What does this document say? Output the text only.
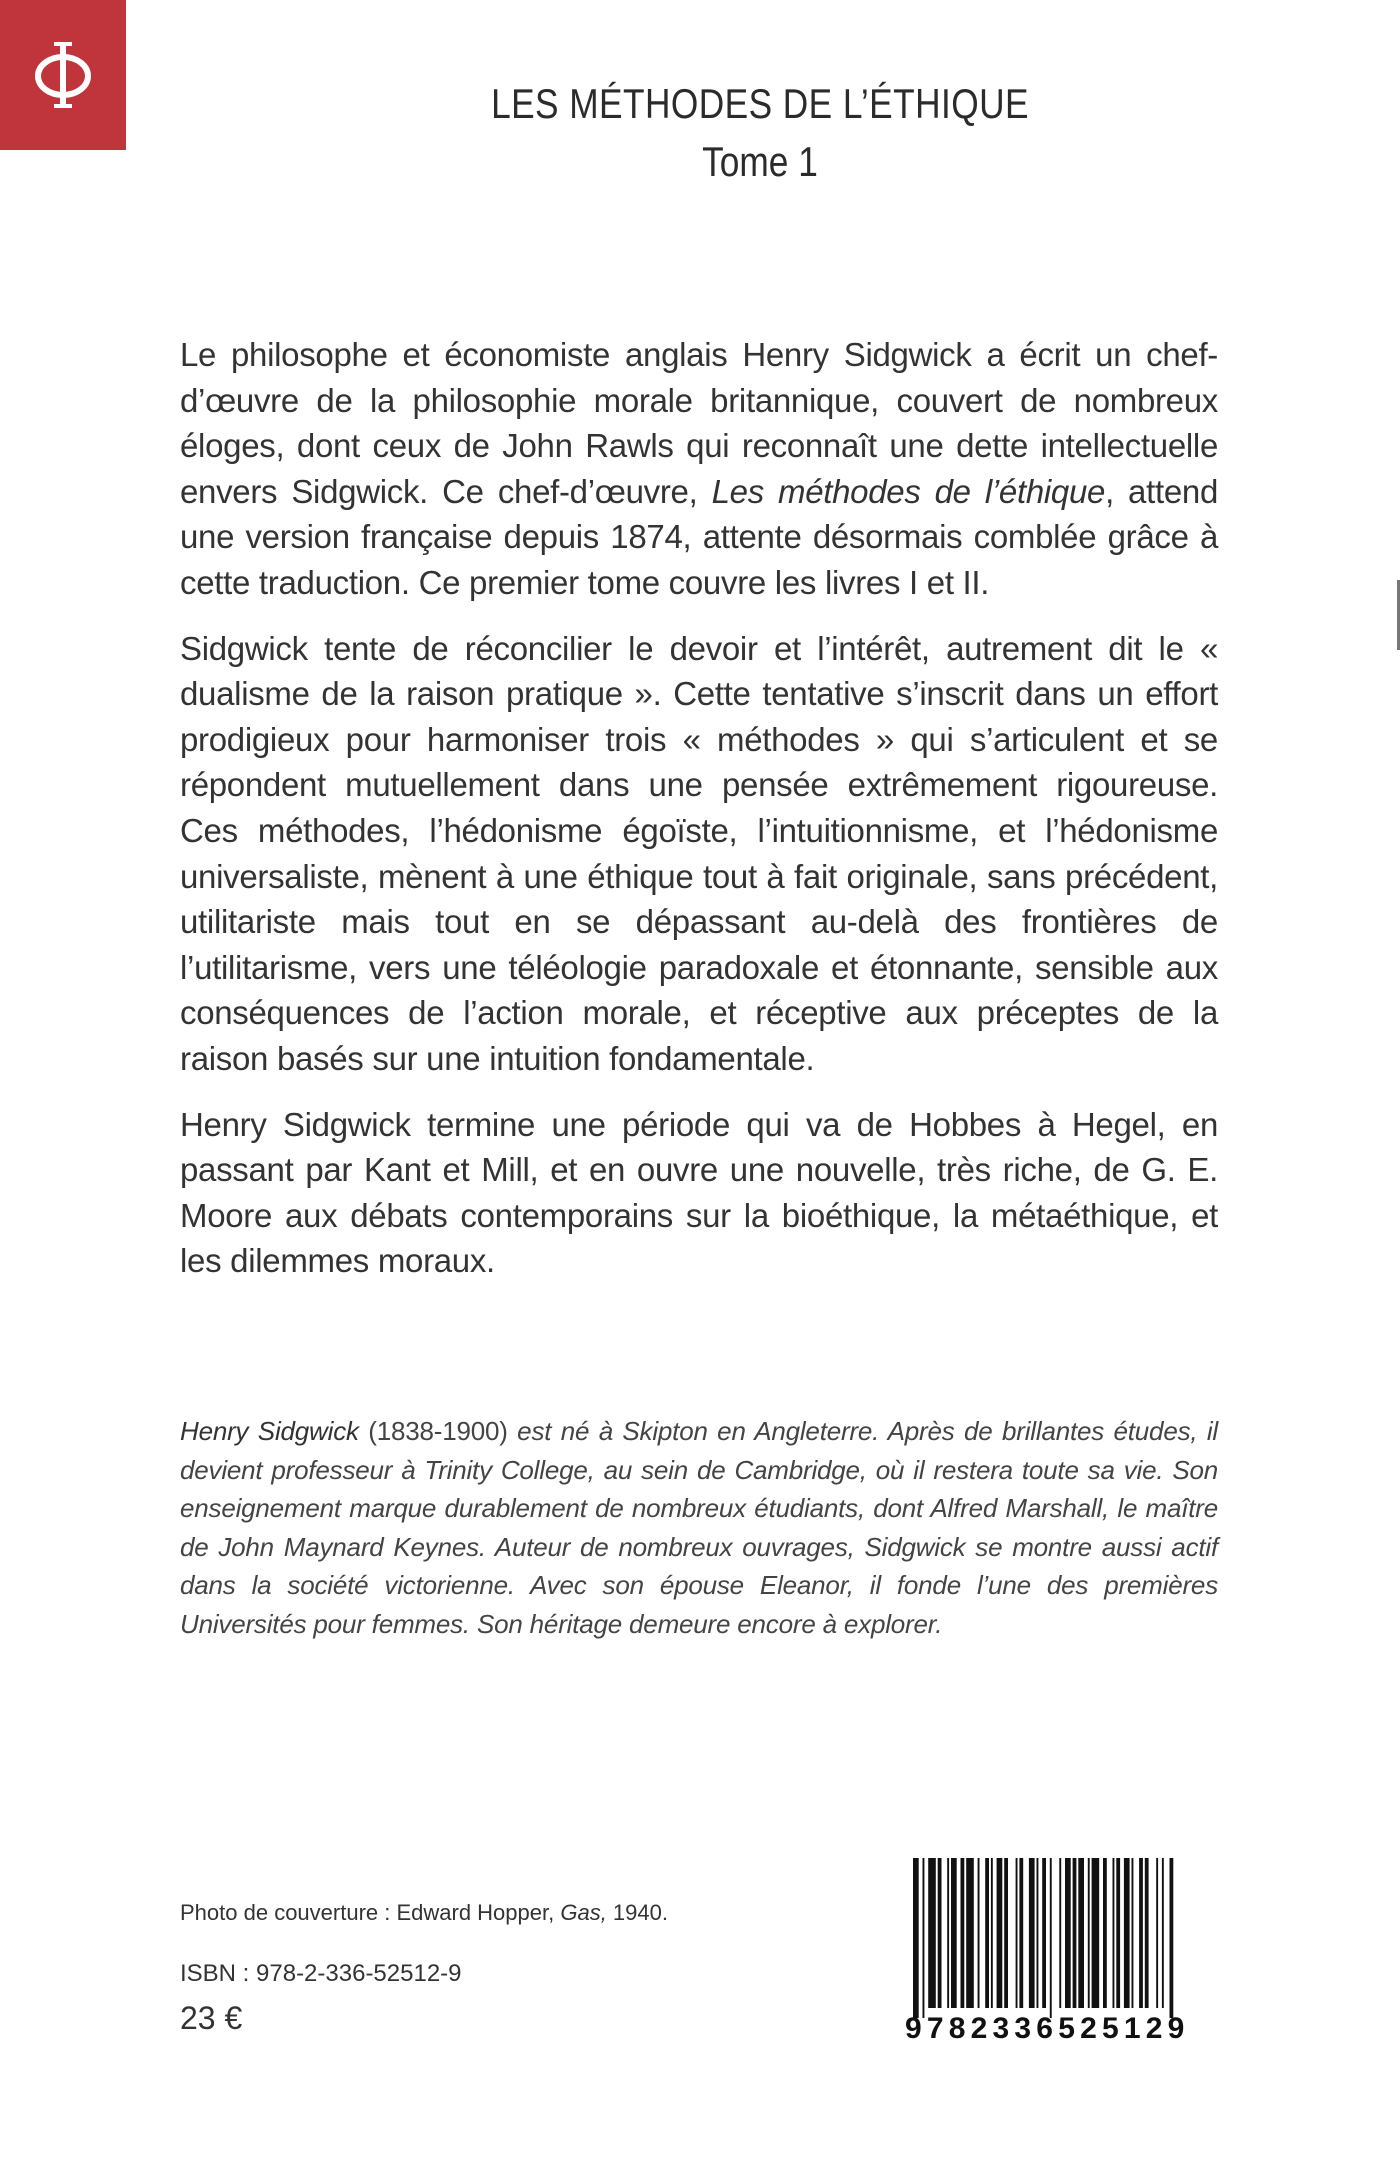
LES MÉTHODES DE L’ÉTHIQUE
Tome 1

Le philosophe et économiste anglais Henry Sidgwick a écrit un chef-d’œuvre de la philosophie morale britannique, couvert de nombreux éloges, dont ceux de John Rawls qui reconnaît une dette intellectuelle envers Sidgwick. Ce chef-d’œuvre, Les méthodes de l’éthique, attend une version française depuis 1874, attente désormais comblée grâce à cette traduction. Ce premier tome couvre les livres I et II.

Sidgwick tente de réconcilier le devoir et l’intérêt, autrement dit le « dualisme de la raison pratique ». Cette tentative s’inscrit dans un effort prodigieux pour harmoniser trois « méthodes » qui s’articulent et se répondent mutuellement dans une pensée extrêmement rigoureuse. Ces méthodes, l’hédonisme égoïste, l’intuitionnisme, et l’hédonisme universaliste, mènent à une éthique tout à fait originale, sans précédent, utilitariste mais tout en se dépassant au-delà des frontières de l’utilitarisme, vers une téléologie paradoxale et étonnante, sensible aux conséquences de l’action morale, et réceptive aux préceptes de la raison basés sur une intuition fondamentale.

Henry Sidgwick termine une période qui va de Hobbes à Hegel, en passant par Kant et Mill, et en ouvre une nouvelle, très riche, de G. E. Moore aux débats contemporains sur la bioéthique, la métaéthique, et les dilemmes moraux.

Henry Sidgwick (1838-1900) est né à Skipton en Angleterre. Après de brillantes études, il devient professeur à Trinity College, au sein de Cambridge, où il restera toute sa vie. Son enseignement marque durablement de nombreux étudiants, dont Alfred Marshall, le maître de John Maynard Keynes. Auteur de nombreux ouvrages, Sidgwick se montre aussi actif dans la société victorienne. Avec son épouse Eleanor, il fonde l’une des premières Universités pour femmes. Son héritage demeure encore à explorer.

Photo de couverture : Edward Hopper, Gas, 1940.
ISBN : 978-2-336-52512-9
23 €	9782336525129
